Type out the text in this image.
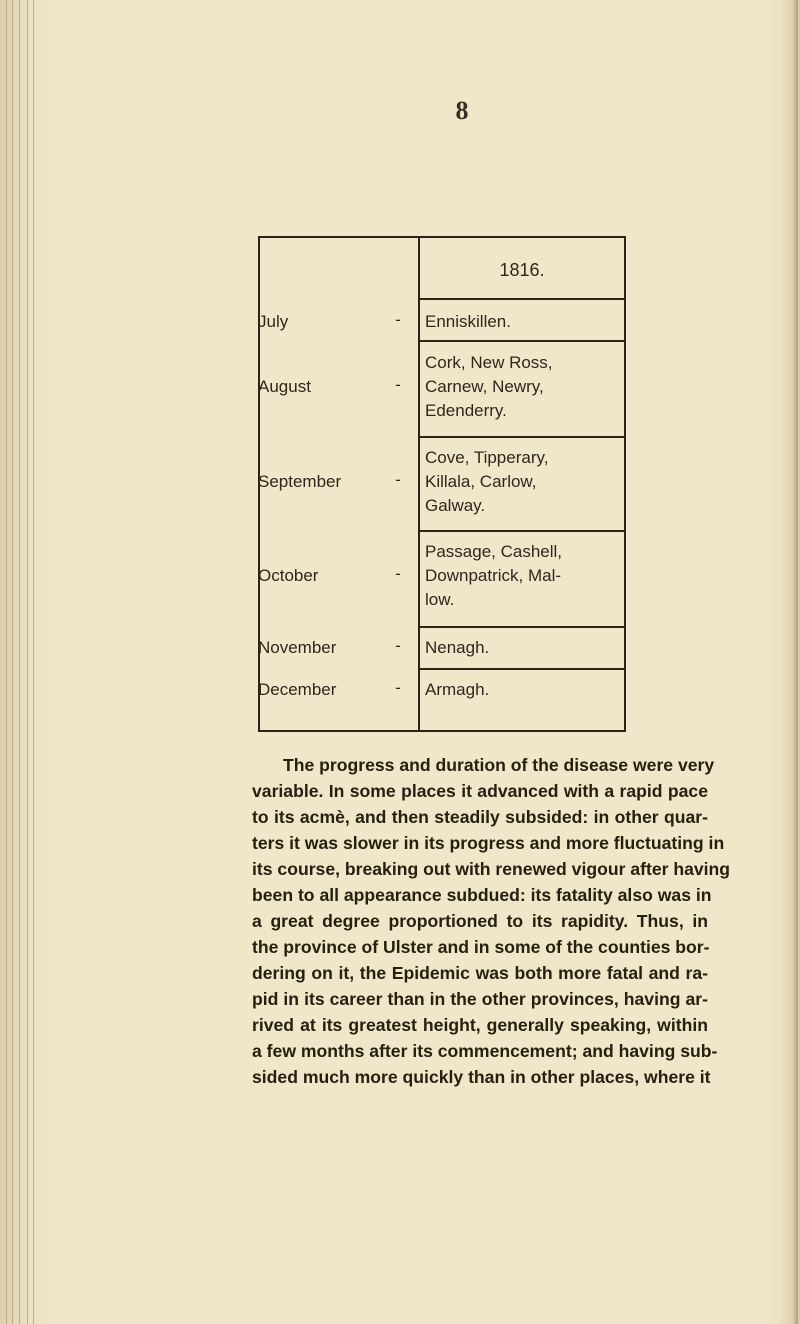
8
1816.
July	- Enniskillen.
August	-
Cork, New Ross,
Carnew, Newry,
Edenderry.
September	-
Cove, Tipperary,
Killala, Carlow,
Galway.
October	-
Passage, Cashell,
Downpatrick, Mal-
low.
November	- Nenagh.
December	- Armagh.
The progress and duration of the disease were very
variable. In some places it advanced with a rapid pace
to its acmè, and then steadily subsided: in other quar-
ters it was slower in its progress and more fluctuating in
its course, breaking out with renewed vigour after having
been to all appearance subdued: its fatality also was in
a great degree proportioned to its rapidity. Thus, in
the province of Ulster and in some of the counties bor-
dering on it, the Epidemic was both more fatal and ra-
pid in its career than in the other provinces, having ar-
rived at its greatest height, generally speaking, within
a few months after its commencement; and having sub-
sided much more quickly than in other places, where it
